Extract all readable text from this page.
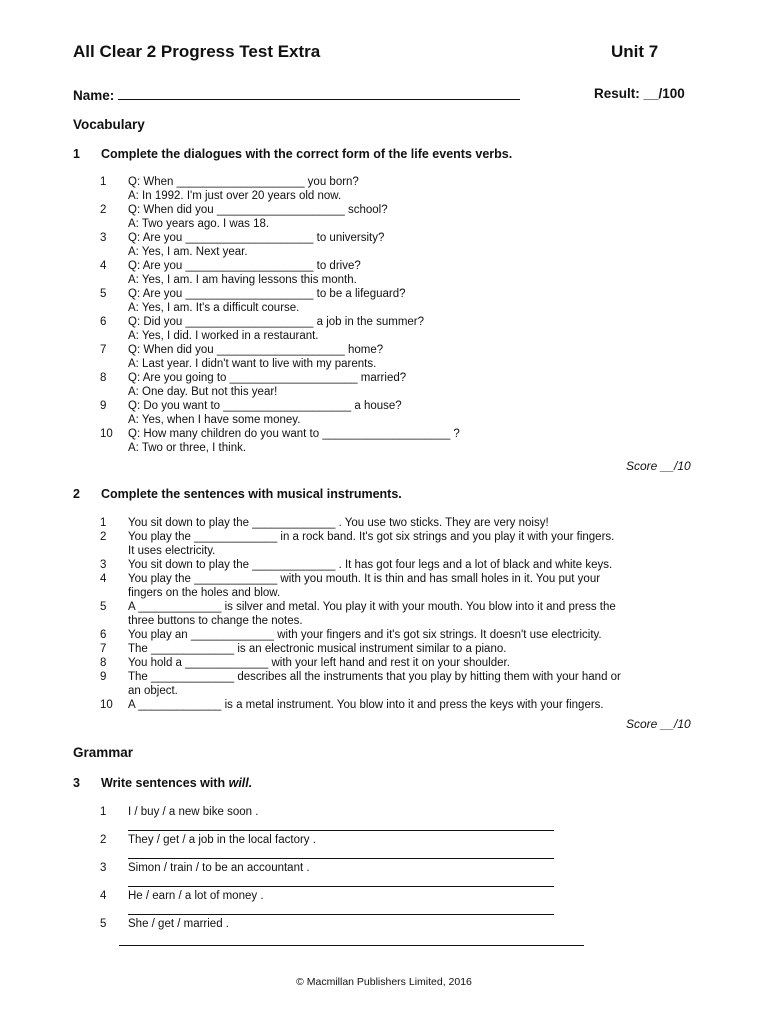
All Clear 2 Progress Test Extra	Unit 7
Name:	Result: __/100
Vocabulary
1 Complete the dialogues with the correct form of the life events verbs.
1	Q: When ____________________ you born?
A: In 1992. I'm just over 20 years old now.
2	Q: When did you ____________________ school?
A: Two years ago. I was 18.
3	Q: Are you ____________________ to university?
A: Yes, I am. Next year.
4	Q: Are you ____________________ to drive?
A: Yes, I am. I am having lessons this month.
5	Q: Are you ____________________ to be a lifeguard?
A: Yes, I am. It's a difficult course.
6	Q: Did you ____________________ a job in the summer?
A: Yes, I did. I worked in a restaurant.
7	Q: When did you ____________________ home?
A: Last year. I didn't want to live with my parents.
8	Q: Are you going to ____________________ married?
A: One day. But not this year!
9	Q: Do you want to ____________________ a house?
A: Yes, when I have some money.
10	Q: How many children do you want to ____________________ ?
A: Two or three, I think.
Score __/10
2 Complete the sentences with musical instruments.
1	You sit down to play the _____________ . You use two sticks. They are very noisy!
2	You play the _____________ in a rock band. It's got six strings and you play it with your fingers.
It uses electricity.
3	You sit down to play the _____________ . It has got four legs and a lot of black and white keys.
4	You play the _____________ with you mouth. It is thin and has small holes in it. You put your
fingers on the holes and blow.
5	A _____________ is silver and metal. You play it with your mouth. You blow into it and press the
three buttons to change the notes.
6	You play an _____________ with your fingers and it's got six strings. It doesn't use electricity.
7	The _____________ is an electronic musical instrument similar to a piano.
8	You hold a _____________ with your left hand and rest it on your shoulder.
9	The _____________ describes all the instruments that you play by hitting them with your hand or
an object.
10	A _____________ is a metal instrument. You blow into it and press the keys with your fingers.
Score __/10
Grammar
3 Write sentences with will.
1	I / buy / a new bike soon .
2	They / get / a job in the local factory .
3	Simon / train / to be an accountant .
4	He / earn / a lot of money .
5	She / get / married .
© Macmillan Publishers Limited, 2016
